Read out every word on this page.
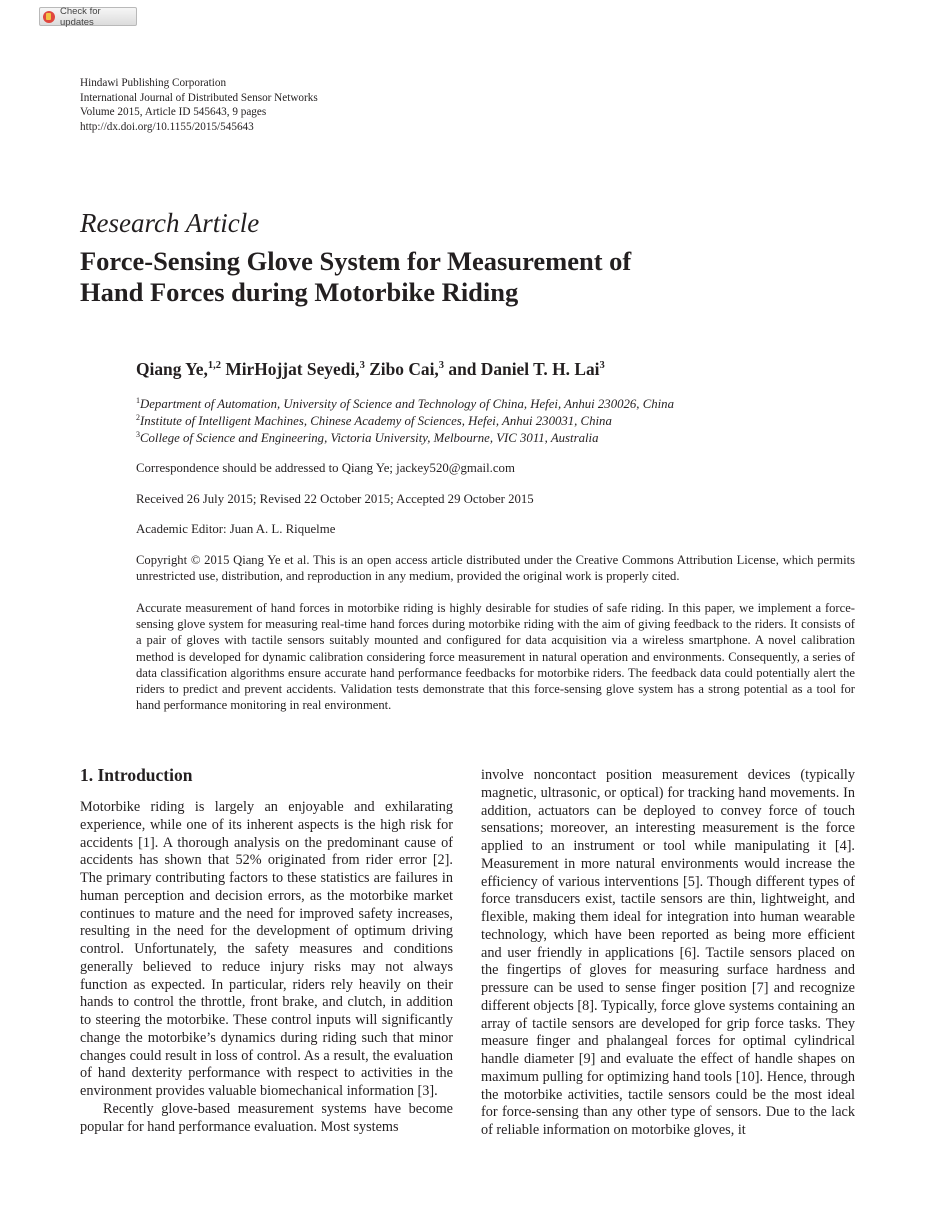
Check for updates
Hindawi Publishing Corporation
International Journal of Distributed Sensor Networks
Volume 2015, Article ID 545643, 9 pages
http://dx.doi.org/10.1155/2015/545643
Research Article
Force-Sensing Glove System for Measurement of
Hand Forces during Motorbike Riding
Qiang Ye,$^{1,2}$ MirHojjat Seyedi,$^3$ Zibo Cai,$^3$ and Daniel T. H. Lai$^3$
$^1$Department of Automation, University of Science and Technology of China, Hefei, Anhui 230026, China
$^2$Institute of Intelligent Machines, Chinese Academy of Sciences, Hefei, Anhui 230031, China
$^3$College of Science and Engineering, Victoria University, Melbourne, VIC 3011, Australia
Correspondence should be addressed to Qiang Ye; jackey520@gmail.com
Received 26 July 2015; Revised 22 October 2015; Accepted 29 October 2015
Academic Editor: Juan A. L. Riquelme
Copyright © 2015 Qiang Ye et al. This is an open access article distributed under the Creative Commons Attribution License, which permits unrestricted use, distribution, and reproduction in any medium, provided the original work is properly cited.
Accurate measurement of hand forces in motorbike riding is highly desirable for studies of safe riding. In this paper, we implement a force-sensing glove system for measuring real-time hand forces during motorbike riding with the aim of giving feedback to the riders. It consists of a pair of gloves with tactile sensors suitably mounted and configured for data acquisition via a wireless smartphone. A novel calibration method is developed for dynamic calibration considering force measurement in natural operation and environments. Consequently, a series of data classification algorithms ensure accurate hand performance feedbacks for motorbike riders. The feedback data could potentially alert the riders to predict and prevent accidents. Validation tests demonstrate that this force-sensing glove system has a strong potential as a tool for hand performance monitoring in real environment.
1. Introduction

Motorbike riding is largely an enjoyable and exhilarating experience, while one of its inherent aspects is the high risk for accidents [1]. A thorough analysis on the predominant cause of accidents has shown that 52% originated from rider error [2]. The primary contributing factors to these statistics are failures in human perception and decision errors, as the motorbike market continues to mature and the need for improved safety increases, resulting in the need for the development of optimum driving control. Unfortunately, the safety measures and conditions generally believed to reduce injury risks may not always function as expected. In particular, riders rely heavily on their hands to control the throttle, front brake, and clutch, in addition to steering the motorbike. These control inputs will significantly change the motorbike’s dynamics during riding such that minor changes could result in loss of control. As a result, the evaluation of hand dexterity performance with respect to activities in the environment provides valuable biomechanical information [3].

Recently glove-based measurement systems have become popular for hand performance evaluation. Most systems

involve noncontact position measurement devices (typically magnetic, ultrasonic, or optical) for tracking hand movements. In addition, actuators can be deployed to convey force of touch sensations; moreover, an interesting measurement is the force applied to an instrument or tool while manipulating it [4]. Measurement in more natural environments would increase the efficiency of various interventions [5]. Though different types of force transducers exist, tactile sensors are thin, lightweight, and flexible, making them ideal for integration into human wearable technology, which have been reported as being more efficient and user friendly in applications [6]. Tactile sensors placed on the fingertips of gloves for measuring surface hardness and pressure can be used to sense finger position [7] and recognize different objects [8]. Typically, force glove systems containing an array of tactile sensors are developed for grip force tasks. They measure finger and phalangeal forces for optimal cylindrical handle diameter [9] and evaluate the effect of handle shapes on maximum pulling for optimizing hand tools [10]. Hence, through the motorbike activities, tactile sensors could be the most ideal for force-sensing than any other type of sensors. Due to the lack of reliable information on motorbike gloves, it
